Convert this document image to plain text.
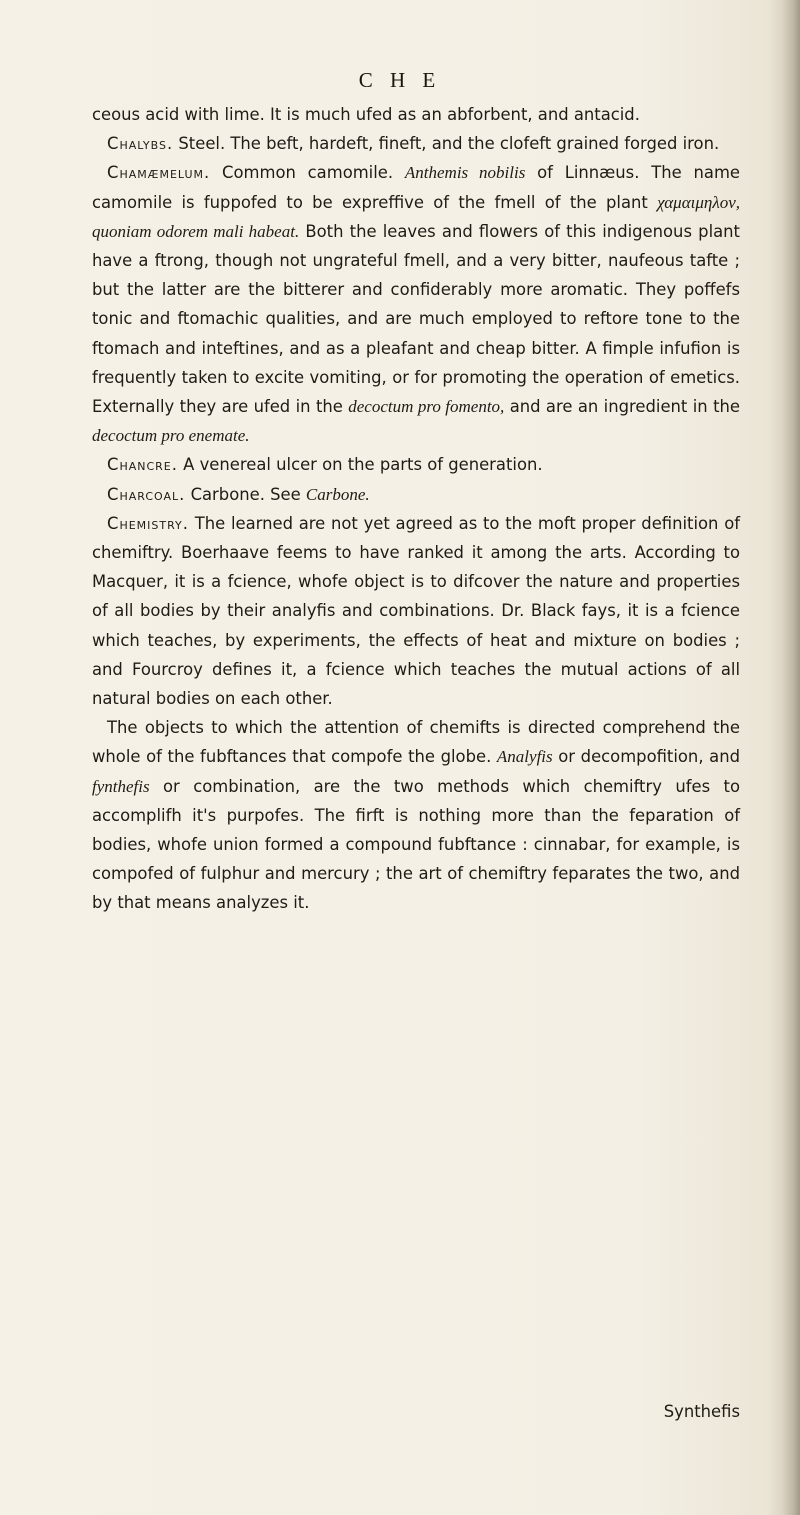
C H E

ceous acid with lime. It is much ufed as an abforbent, and antacid.

Chalybs. Steel. The beft, hardeft, fineft, and the clofeft grained forged iron.

Chamæmelum. Common camomile. Anthemis nobilis of Linnæus. The name camomile is fuppofed to be expreffive of the fmell of the plant χαμαιμηλον, quoniam odorem mali habeat. Both the leaves and flowers of this indigenous plant have a ftrong, though not ungrateful fmell, and a very bitter, naufeous tafte ; but the latter are the bitterer and confiderably more aromatic. They poffefs tonic and ftomachic qualities, and are much employed to reftore tone to the ftomach and inteftines, and as a pleafant and cheap bitter. A fimple infufion is frequently taken to excite vomiting, or for promoting the operation of emetics. Externally they are ufed in the decoctum pro fomento, and are an ingredient in the decoctum pro enemate.

Chancre. A venereal ulcer on the parts of generation.

Charcoal. Carbone. See Carbone.

Chemistry. The learned are not yet agreed as to the moft proper definition of chemiftry. Boerhaave feems to have ranked it among the arts. According to Macquer, it is a fcience, whofe object is to difcover the nature and properties of all bodies by their analyfis and combinations. Dr. Black fays, it is a fcience which teaches, by experiments, the effects of heat and mixture on bodies ; and Fourcroy defines it, a fcience which teaches the mutual actions of all natural bodies on each other.

The objects to which the attention of chemifts is directed comprehend the whole of the fubftances that compofe the globe. Analyfis or decompofition, and fynthefis or combination, are the two methods which chemiftry ufes to accomplifh it's purpofes. The firft is nothing more than the feparation of bodies, whofe union formed a compound fubftance : cinnabar, for example, is compofed of fulphur and mercury ; the art of chemiftry feparates the two, and by that means analyzes it.

Synthefis
